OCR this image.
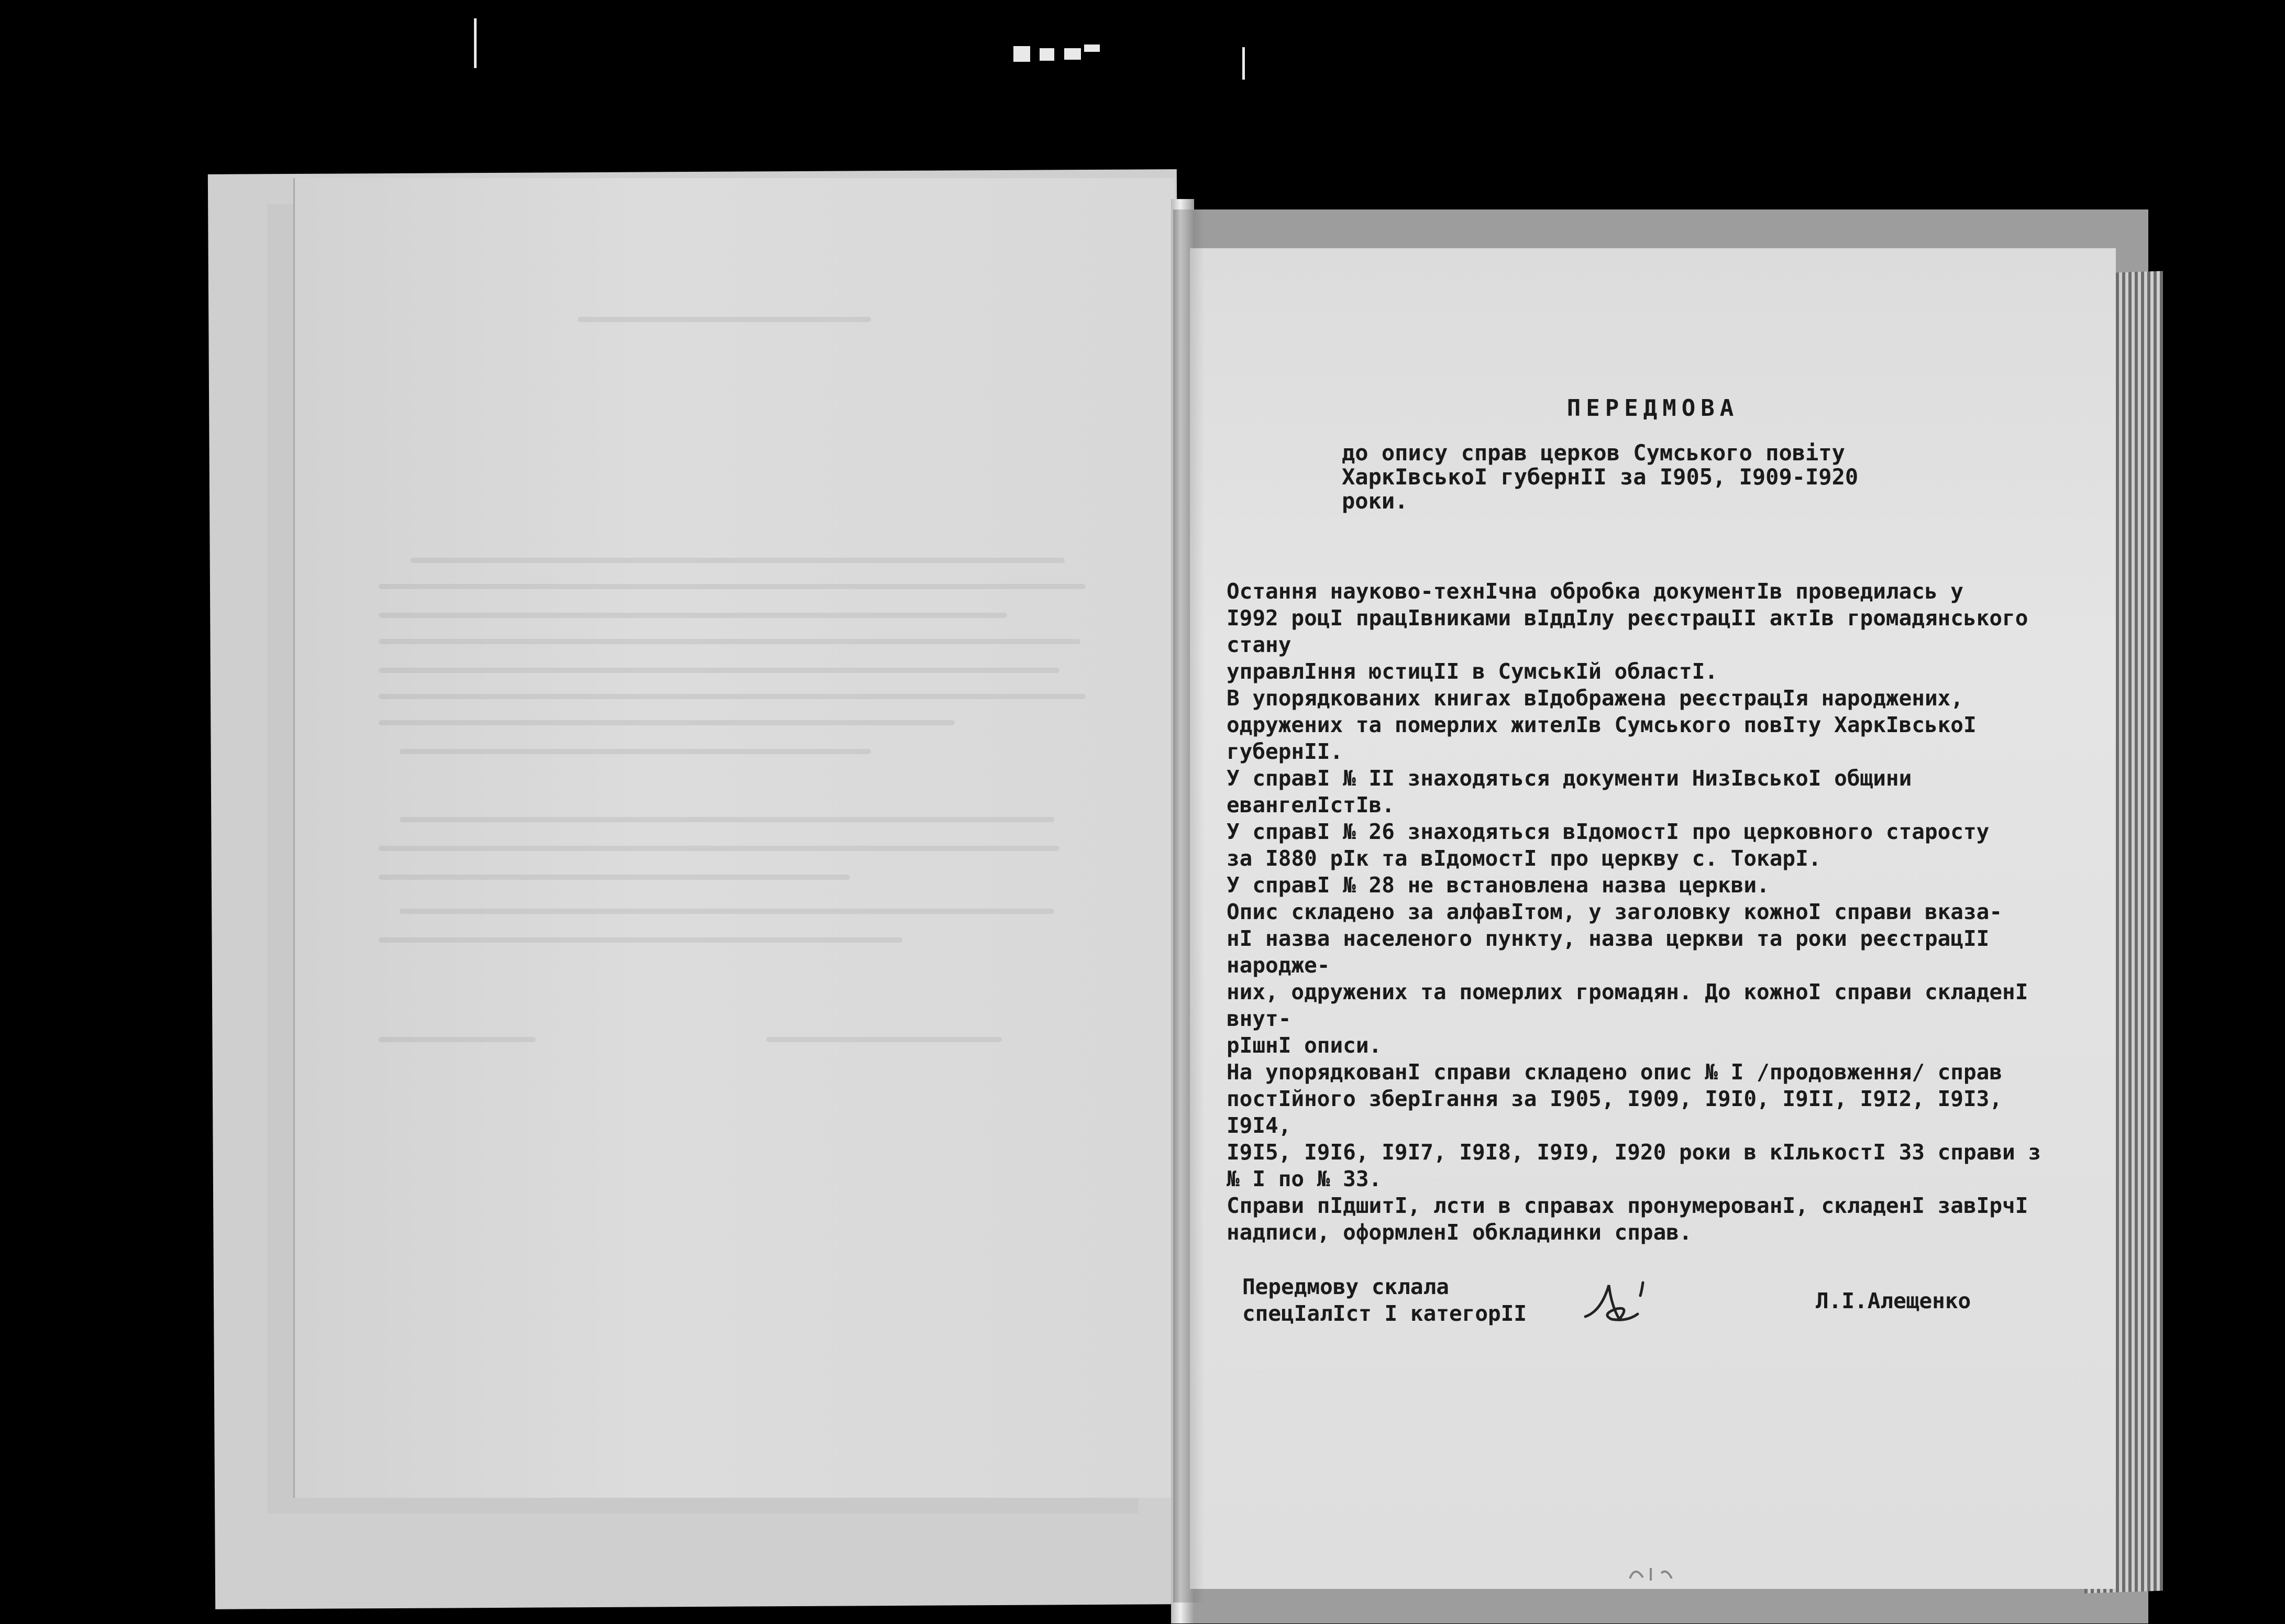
ПЕРЕДМОВА
до опису справ церков Сумського повіту
ХаркІвськоІ губернІІ за І905, І909-І920
роки.
Остання науково-технІчна обробка документІв проведилась у
І992 роцІ працІвниками вІддІлу реєстрацІІ актІв громадянського стану
управлІння юстицІІ в СумськІй областІ.
В упорядкованих книгах вІдображена реєстрацІя народжених,
одружених та померлих жителІв Сумського повІту ХаркІвськоІ губернІІ.
У справІ № ІІ знаходяться документи НизІвськоІ общини
евангелІстІв.
У справІ № 26 знаходяться вІдомостІ про церковного старосту
за І880 рІк та вІдомостІ про церкву с. ТокарІ.
У справІ № 28 не встановлена назва церкви.
Опис складено за алфавІтом, у заголовку кожноІ справи вказа-
нІ назва населеного пункту, назва церкви та роки реєстрацІІ народже-
них, одружених та померлих громадян. До кожноІ справи складенІ внут-
рІшнІ описи.
На упорядкованІ справи складено опис № І /продовження/ справ
постІйного зберІгання за І905, І909, І9І0, І9ІІ, І9І2, І9І3, І9І4,
І9І5, І9І6, І9І7, І9І8, І9І9, І920 роки в кІлькостІ 33 справи з
№ І по № 33.
Справи пІдшитІ, лсти в справах пронумерованІ, складенІ завІрчІ
надписи, оформленІ обкладинки справ.
Передмову склала
спецІалІст І категорІІ	Л.І.Алещенко
